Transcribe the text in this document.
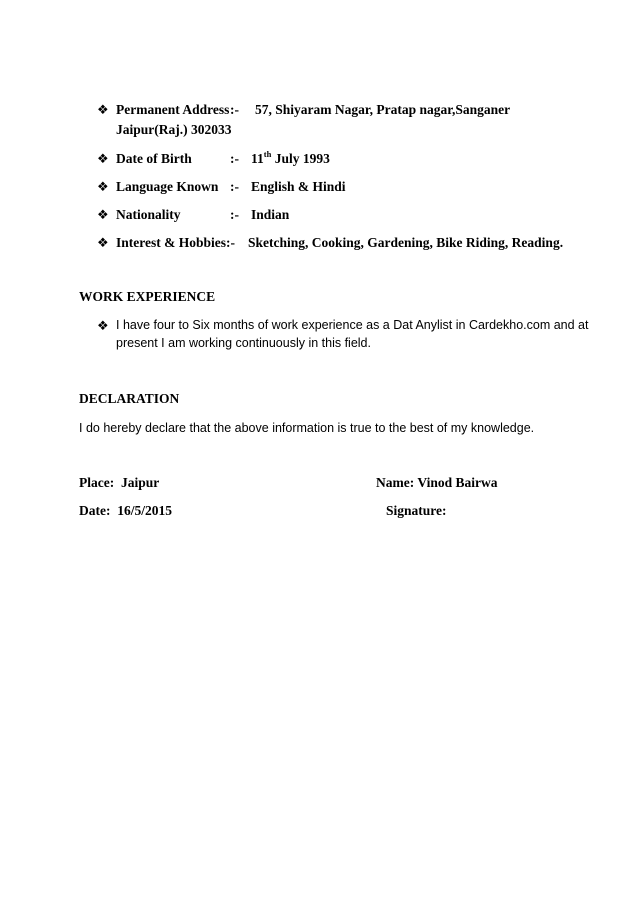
❖ Permanent Address :- 57, Shiyaram Nagar, Pratap nagar,Sanganer
Jaipur(Raj.) 302033
❖ Date of Birth	:- 11th July 1993
❖ Language Known :- English & Hindi
❖ Nationality	:- Indian
❖ Interest & Hobbies :- Sketching, Cooking, Gardening, Bike Riding, Reading.
WORK EXPERIENCE
❖ I have four to Six months of work experience as a Dat Anylist in Cardekho.com and at
present I am working continuously in this field.
DECLARATION
I do hereby declare that the above information is true to the best of my knowledge.
Place: Jaipur	Name: Vinod Bairwa
Date: 16/5/2015	Signature:
